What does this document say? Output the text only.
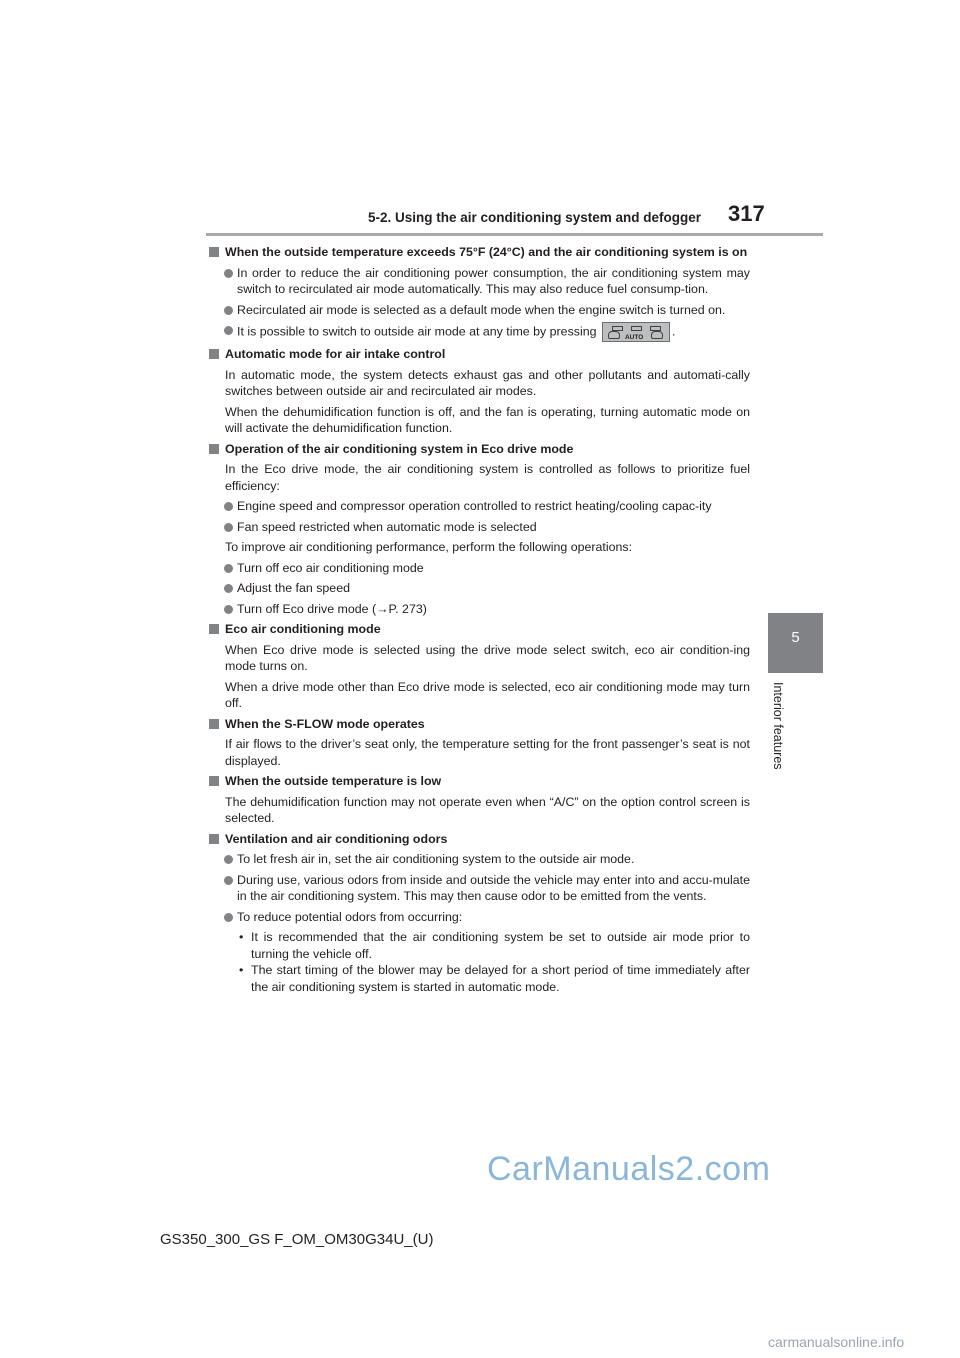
5-2. Using the air conditioning system and defogger 317
5
Interior features
When the outside temperature exceeds 75°F (24°C) and the air conditioning system is on
In order to reduce the air conditioning power consumption, the air conditioning system may switch to recirculated air mode automatically. This may also reduce fuel consump-tion.
Recirculated air mode is selected as a default mode when the engine switch is turned on.
It is possible to switch to outside air mode at any time by pressing	AUTO .
Automatic mode for air intake control
In automatic mode, the system detects exhaust gas and other pollutants and automati-cally switches between outside air and recirculated air modes.
When the dehumidification function is off, and the fan is operating, turning automatic mode on will activate the dehumidification function.
Operation of the air conditioning system in Eco drive mode
In the Eco drive mode, the air conditioning system is controlled as follows to prioritize fuel efficiency:
Engine speed and compressor operation controlled to restrict heating/cooling capac-ity
Fan speed restricted when automatic mode is selected
To improve air conditioning performance, perform the following operations:
Turn off eco air conditioning mode
Adjust the fan speed
Turn off Eco drive mode (→P. 273)
Eco air conditioning mode
When Eco drive mode is selected using the drive mode select switch, eco air condition-ing mode turns on.
When a drive mode other than Eco drive mode is selected, eco air conditioning mode may turn off.
When the S-FLOW mode operates
If air flows to the driver’s seat only, the temperature setting for the front passenger’s seat is not displayed.
When the outside temperature is low
The dehumidification function may not operate even when “A/C” on the option control screen is selected.
Ventilation and air conditioning odors
To let fresh air in, set the air conditioning system to the outside air mode.
During use, various odors from inside and outside the vehicle may enter into and accu-mulate in the air conditioning system. This may then cause odor to be emitted from the vents.
To reduce potential odors from occurring:
• It is recommended that the air conditioning system be set to outside air mode prior to turning the vehicle off.
• The start timing of the blower may be delayed for a short period of time immediately after the air conditioning system is started in automatic mode.
CarManuals2.com
GS350_300_GS F_OM_OM30G34U_(U)
carmanualsonline.info
